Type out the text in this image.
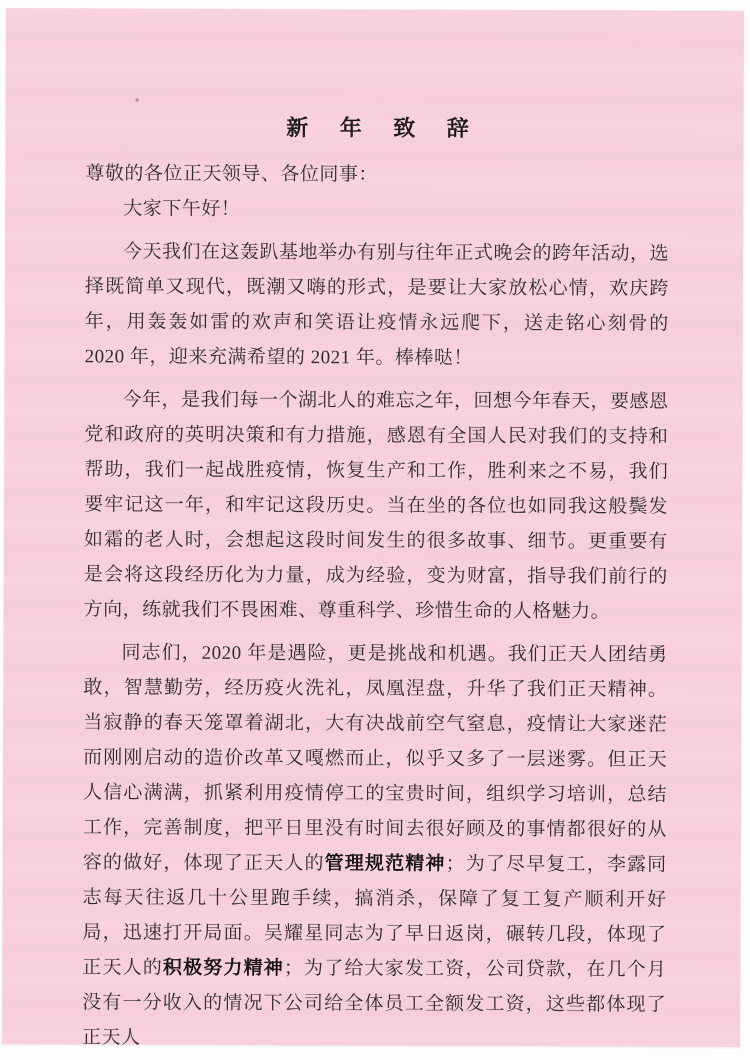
新 年 致 辞

尊敬的各位正天领导、各位同事：

大家下午好！

今天我们在这轰趴基地举办有别与往年正式晚会的跨年活动，选择既简单又现代，既潮又嗨的形式，是要让大家放松心情，欢庆跨年，用轰轰如雷的欢声和笑语让疫情永远爬下，送走铭心刻骨的 2020 年，迎来充满希望的 2021 年。棒棒哒！

今年，是我们每一个湖北人的难忘之年，回想今年春天，要感恩党和政府的英明决策和有力措施，感恩有全国人民对我们的支持和帮助，我们一起战胜疫情，恢复生产和工作，胜利来之不易，我们要牢记这一年，和牢记这段历史。当在坐的各位也如同我这般鬓发如霜的老人时，会想起这段时间发生的很多故事、细节。更重要有是会将这段经历化为力量，成为经验，变为财富，指导我们前行的方向，练就我们不畏困难、尊重科学、珍惜生命的人格魅力。

同志们，2020 年是遇险，更是挑战和机遇。我们正天人团结勇敢，智慧勤劳，经历疫火洗礼，凤凰涅盘，升华了我们正天精神。当寂静的春天笼罩着湖北，大有决战前空气窒息，疫情让大家迷茫而刚刚启动的造价改革又嘎燃而止，似乎又多了一层迷雾。但正天人信心满满，抓紧利用疫情停工的宝贵时间，组织学习培训，总结工作，完善制度，把平日里没有时间去很好顾及的事情都很好的从容的做好，体现了正天人的管理规范精神；为了尽早复工，李露同志每天往返几十公里跑手续，搞消杀，保障了复工复产顺利开好局，迅速打开局面。吴耀星同志为了早日返岗，碾转几段，体现了正天人的积极努力精神；为了给大家发工资，公司贷款，在几个月没有一分收入的情况下公司给全体员工全额发工资，这些都体现了正天人
